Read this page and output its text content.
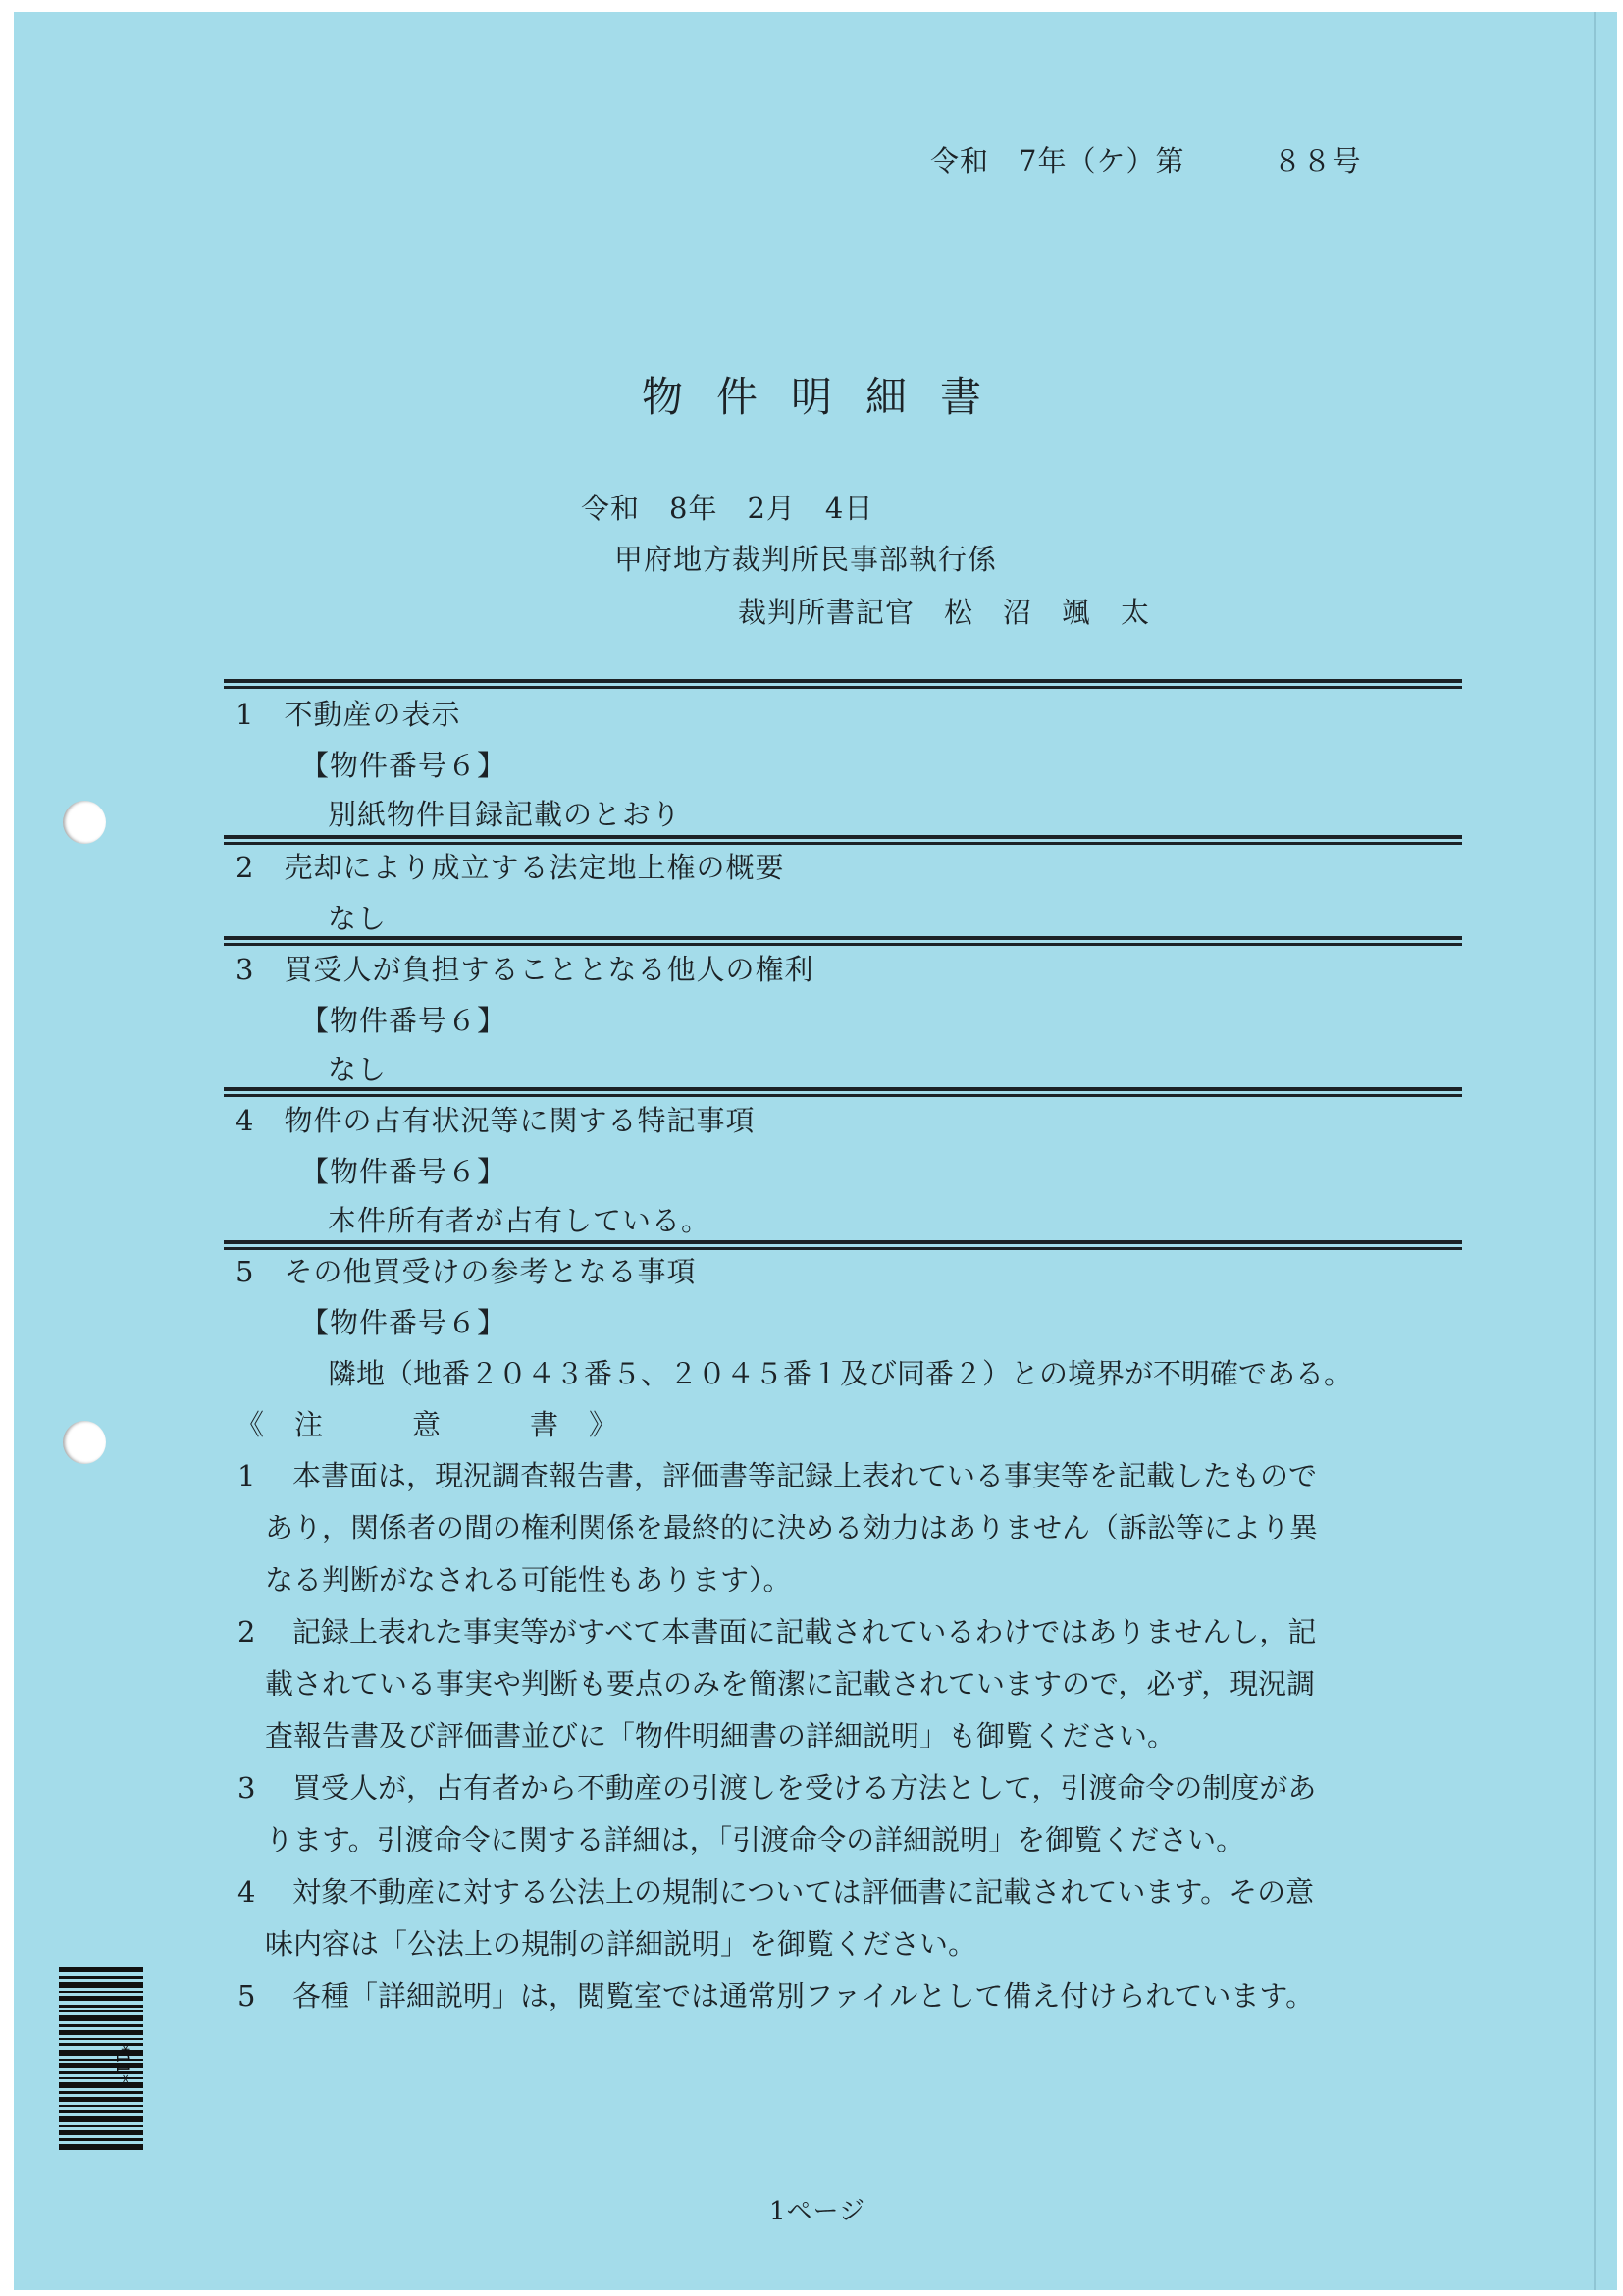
令和　7年（ケ）第　　　８８号
物件明細書
令和　8年　2月　4日
甲府地方裁判所民事部執行係
裁判所書記官　松　沼　颯　太
1　不動産の表示
【物件番号６】
別紙物件目録記載のとおり
2　売却により成立する法定地上権の概要
なし
3　買受人が負担することとなる他人の権利
【物件番号６】
なし
4　物件の占有状況等に関する特記事項
【物件番号６】
本件所有者が占有している。
5　その他買受けの参考となる事項
【物件番号６】
隣地（地番２０４３番５、２０４５番１及び同番２）との境界が不明確である。
《　注　　　意　　　書　》
1 本書面は，現況調査報告書，評価書等記録上表れている事実等を記載したもので
あり，関係者の間の権利関係を最終的に決める効力はありません（訴訟等により異
なる判断がなされる可能性もあります）。
2 記録上表れた事実等がすべて本書面に記載されているわけではありませんし，記
載されている事実や判断も要点のみを簡潔に記載されていますので，必ず，現況調
査報告書及び評価書並びに「物件明細書の詳細説明」も御覧ください。
3 買受人が，占有者から不動産の引渡しを受ける方法として，引渡命令の制度があ
ります。引渡命令に関する詳細は，「引渡命令の詳細説明」を御覧ください。
4 対象不動産に対する公法上の規制については評価書に記載されています。その意
味内容は「公法上の規制の詳細説明」を御覧ください。
5 各種「詳細説明」は，閲覧室では通常別ファイルとして備え付けられています。
*11*
1ページ
